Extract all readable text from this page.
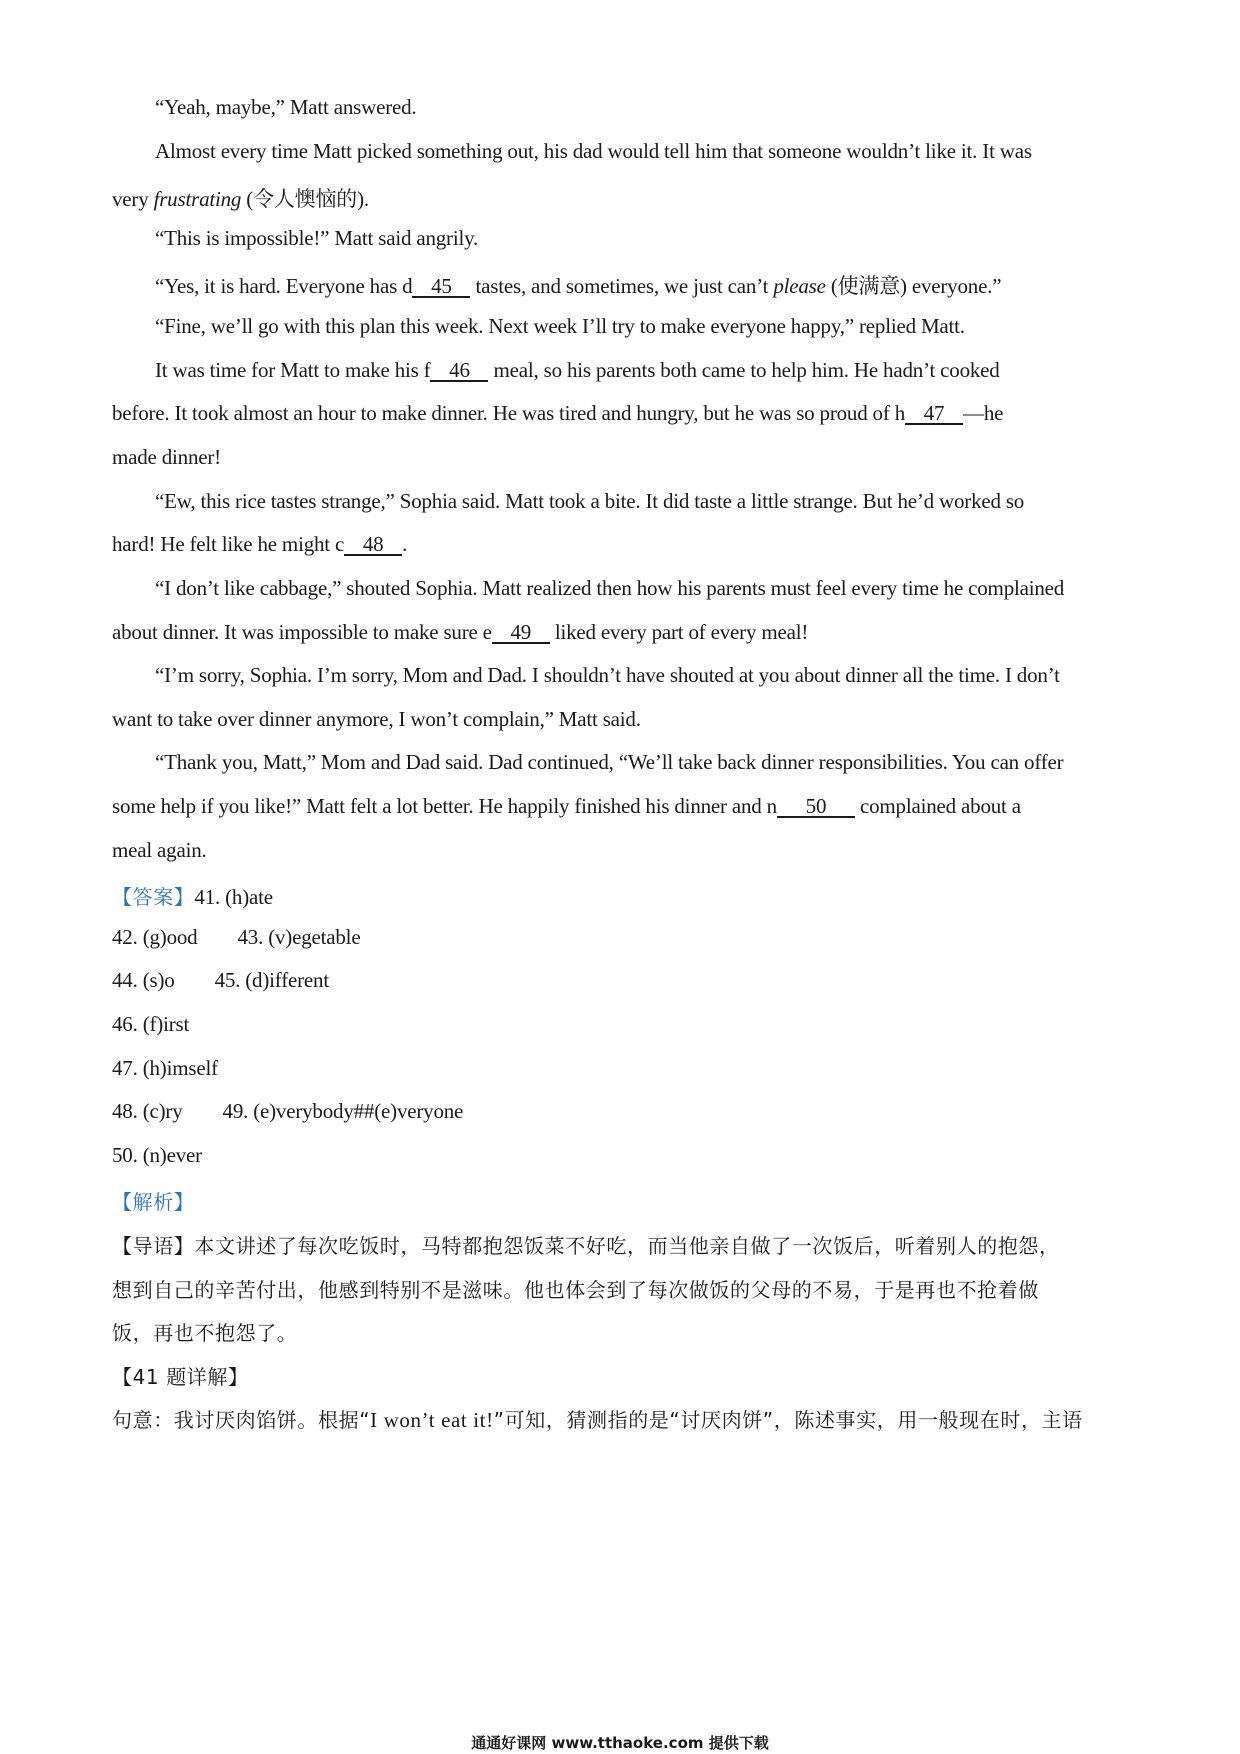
“Yeah, maybe,” Matt answered.
Almost every time Matt picked something out, his dad would tell him that someone wouldn’t like it. It was
very frustrating (令人懊恼的).
“This is impossible!” Matt said angrily.
“Yes, it is hard. Everyone has d 45 tastes, and sometimes, we just can’t please (使满意) everyone.”
“Fine, we’ll go with this plan this week. Next week I’ll try to make everyone happy,” replied Matt.
It was time for Matt to make his f 46 meal, so his parents both came to help him. He hadn’t cooked
before. It took almost an hour to make dinner. He was tired and hungry, but he was so proud of h 47 —he
made dinner!
“Ew, this rice tastes strange,” Sophia said. Matt took a bite. It did taste a little strange. But he’d worked so
hard! He felt like he might c 48 .
“I don’t like cabbage,” shouted Sophia. Matt realized then how his parents must feel every time he complained
about dinner. It was impossible to make sure e 49 liked every part of every meal!
“I’m sorry, Sophia. I’m sorry, Mom and Dad. I shouldn’t have shouted at you about dinner all the time. I don’t
want to take over dinner anymore, I won’t complain,” Matt said.
“Thank you, Matt,” Mom and Dad said. Dad continued, “We’ll take back dinner responsibilities. You can offer
some help if you like!” Matt felt a lot better. He happily finished his dinner and n 50 complained about a
meal again.
【答案】41. (h)ate
42. (g)ood 43. (v)egetable
44. (s)o 45. (d)ifferent
46. (f)irst
47. (h)imself
48. (c)ry 49. (e)verybody##(e)veryone
50. (n)ever
【解析】
【导语】本文讲述了每次吃饭时，马特都抱怨饭菜不好吃，而当他亲自做了一次饭后，听着别人的抱怨，
想到自己的辛苦付出，他感到特别不是滋味。他也体会到了每次做饭的父母的不易，于是再也不抢着做
饭，再也不抱怨了。
【41 题详解】
句意：我讨厌肉馅饼。根据“I won’t eat it!”可知，猜测指的是“讨厌肉饼”，陈述事实，用一般现在时，主语
通通好课网 www.tthaoke.com 提供下载
